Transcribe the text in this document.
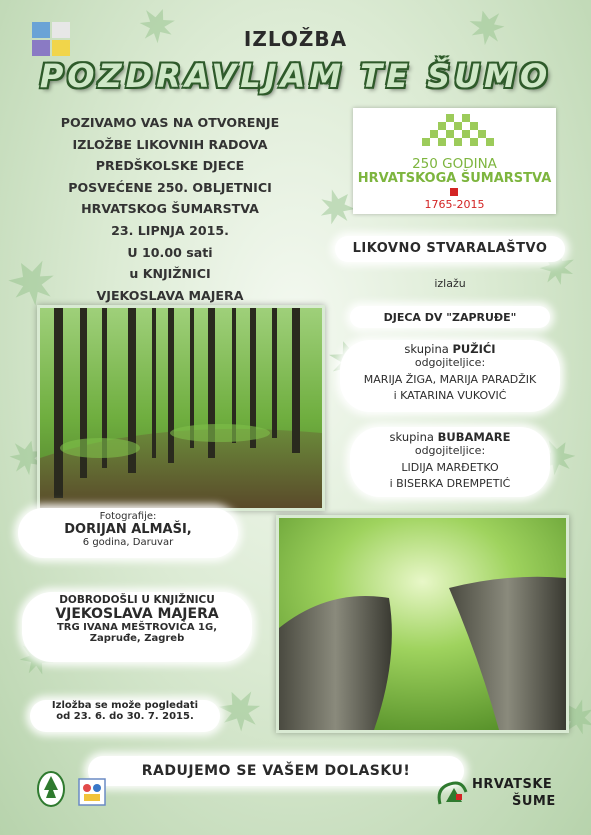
IZLOŽBA
POZDRAVLJAM TE ŠUMO
POZIVAMO VAS NA OTVORENJE
IZLOŽBE LIKOVNIH RADOVA
PREDŠKOLSKE DJECE
POSVEĆENE 250. OBLJETNICI
HRVATSKOG ŠUMARSTVA
23. LIPNJA 2015.
U 10.00 sati
u KNJIŽNICI
VJEKOSLAVA MAJERA
250 GODINA
HRVATSKOGA ŠUMARSTVA
1765-2015
LIKOVNO STVARALAŠTVO
izlažu
DJECA DV "ZAPRUĐE"
skupina PUŽIĆI
odgojiteljice:
MARIJA ŽIGA, MARIJA PARADŽIK
i KATARINA VUKOVIĆ
skupina BUBAMARE
odgojiteljice:
LIDIJA MARĐETKO
i BISERKA DREMPETIĆ
Fotografije:
DORIJAN ALMAŠI,
6 godina, Daruvar
DOBRODOŠLI U KNJIŽNICU
VJEKOSLAVA MAJERA
TRG IVANA MEŠTROVIĆA 1G,
Zapruđe, Zagreb
Izložba se može pogledati
od 23. 6. do 30. 7. 2015.
RADUJEMO SE VAŠEM DOLASKU!
HRVATSKE
ŠUME
